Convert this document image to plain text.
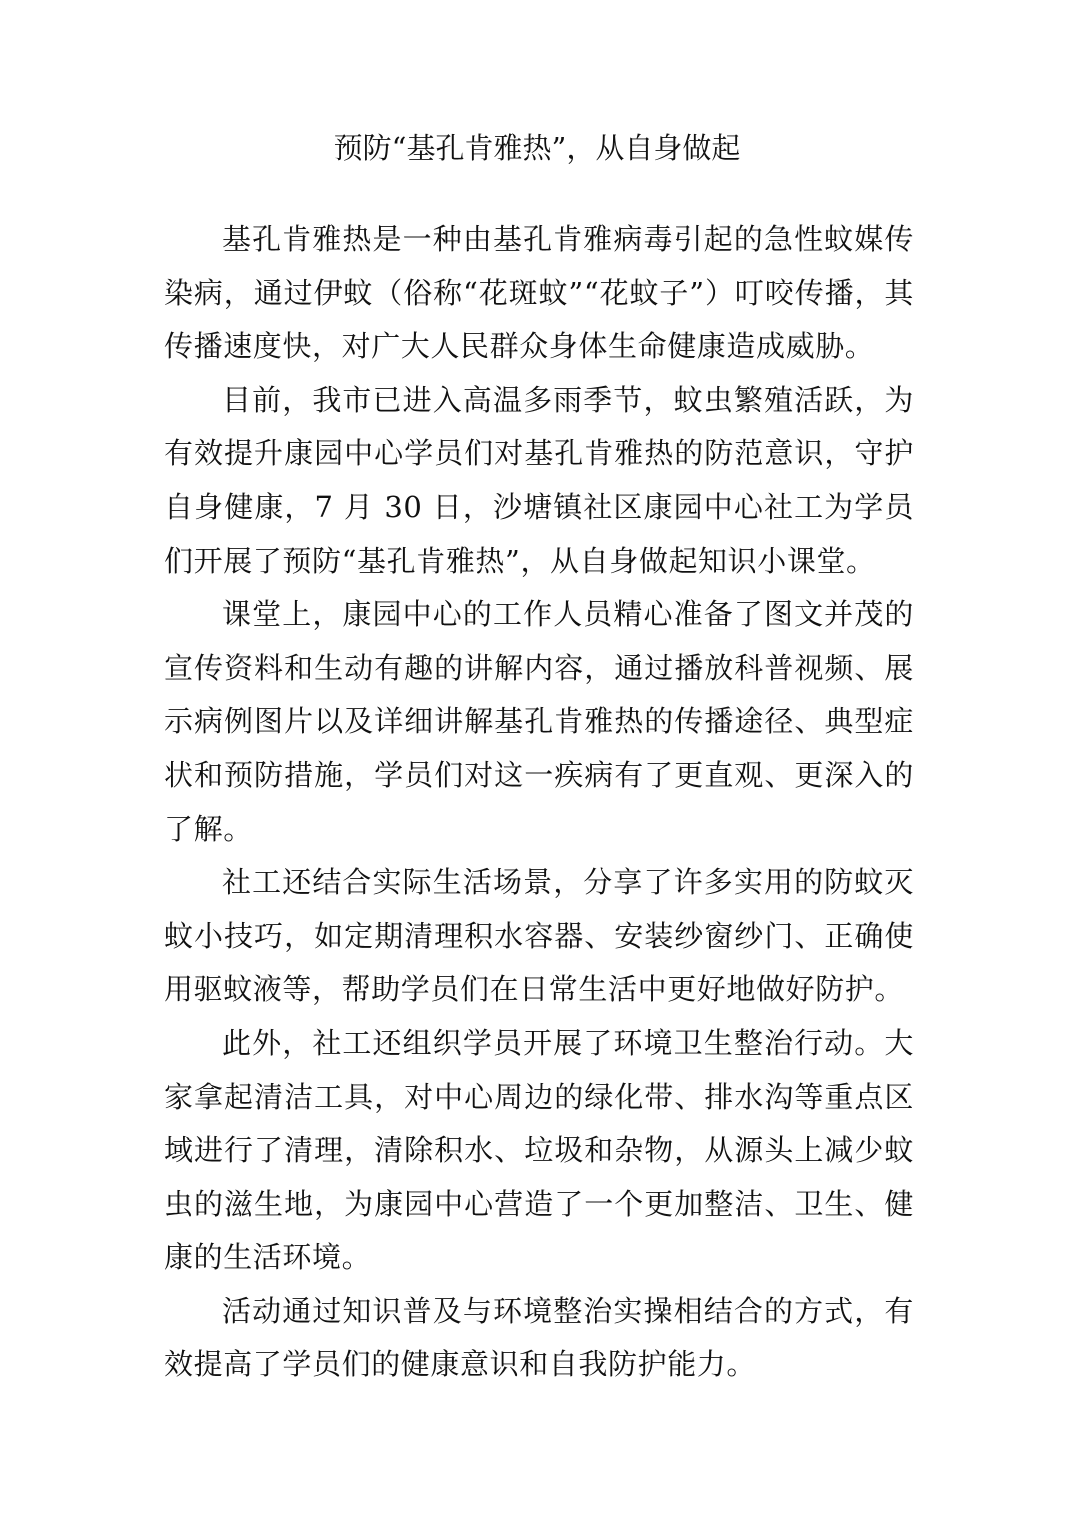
预防“基孔肯雅热”，从自身做起

基孔肯雅热是一种由基孔肯雅病毒引起的急性蚊媒传染病，通过伊蚊（俗称“花斑蚊”“花蚊子”）叮咬传播，其传播速度快，对广大人民群众身体生命健康造成威胁。

目前，我市已进入高温多雨季节，蚊虫繁殖活跃，为有效提升康园中心学员们对基孔肯雅热的防范意识，守护自身健康，7 月 30 日，沙塘镇社区康园中心社工为学员们开展了预防“基孔肯雅热”，从自身做起知识小课堂。

课堂上，康园中心的工作人员精心准备了图文并茂的宣传资料和生动有趣的讲解内容，通过播放科普视频、展示病例图片以及详细讲解基孔肯雅热的传播途径、典型症状和预防措施，学员们对这一疾病有了更直观、更深入的了解。

社工还结合实际生活场景，分享了许多实用的防蚊灭蚊小技巧，如定期清理积水容器、安装纱窗纱门、正确使用驱蚊液等，帮助学员们在日常生活中更好地做好防护。

此外，社工还组织学员开展了环境卫生整治行动。大家拿起清洁工具，对中心周边的绿化带、排水沟等重点区域进行了清理，清除积水、垃圾和杂物，从源头上减少蚊虫的滋生地，为康园中心营造了一个更加整洁、卫生、健康的生活环境。

活动通过知识普及与环境整治实操相结合的方式，有效提高了学员们的健康意识和自我防护能力。
